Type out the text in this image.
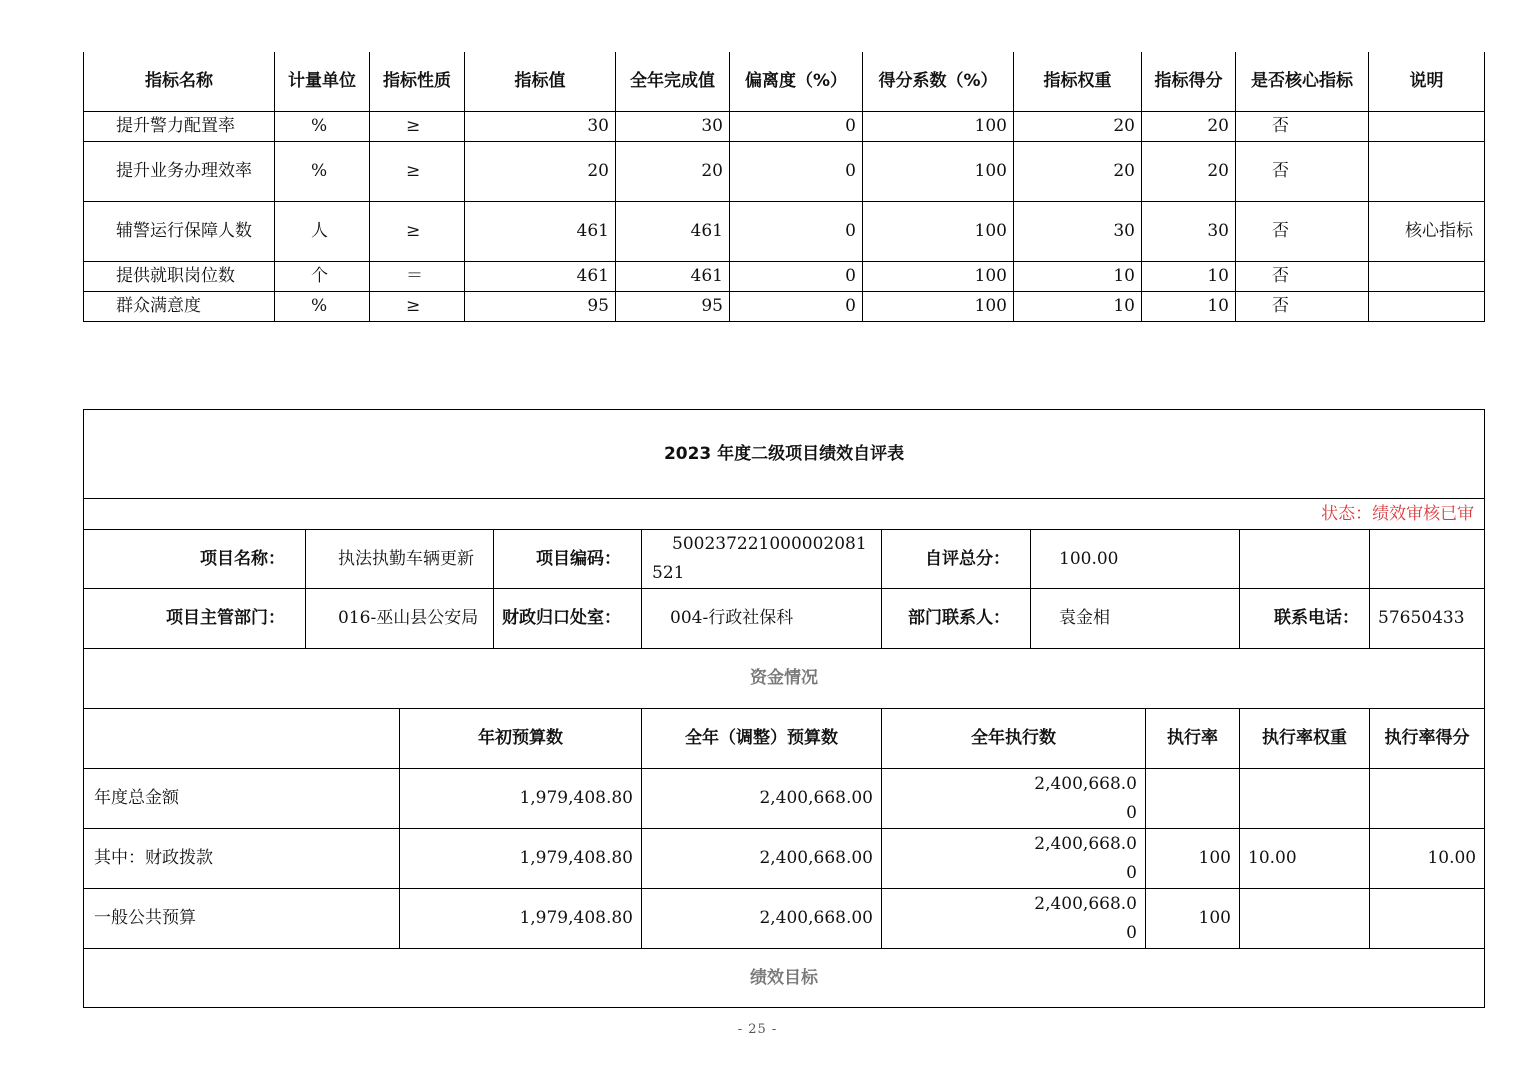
指标名称	计量单位	指标性质	指标值	全年完成值	偏离度（%）	得分系数（%）	指标权重	指标得分	是否核心指标	说明
提升警力配置率	%	≥	30	30	0	100	20	20	否	
提升业务办理效率	%	≥	20	20	0	100	20	20	否	
辅警运行保障人数	人	≥	461	461	0	100	30	30	否	核心指标
提供就职岗位数	个	＝	461	461	0	100	10	10	否	
群众满意度	%	≥	95	95	0	100	10	10	否	
2023 年度二级项目绩效自评表									
状态：绩效审核已审									
项目名称：	执法执勤车辆更新		项目编码：	500237221000002081521	自评总分：	100.00			
项目主管部门：	016-巫山县公安局		财政归口处室：	004-行政社保科	部门联系人：	袁金相		联系电话：	57650433
资金情况									
		年初预算数		全年（调整）预算数	全年执行数		执行率	执行率权重	执行率得分
年度总金额		1,979,408.80		2,400,668.00	2,400,668.00				
其中：财政拨款		1,979,408.80		2,400,668.00	2,400,668.00		100	10.00	10.00
一般公共预算		1,979,408.80		2,400,668.00	2,400,668.00		100		
绩效目标									
- 25 -
